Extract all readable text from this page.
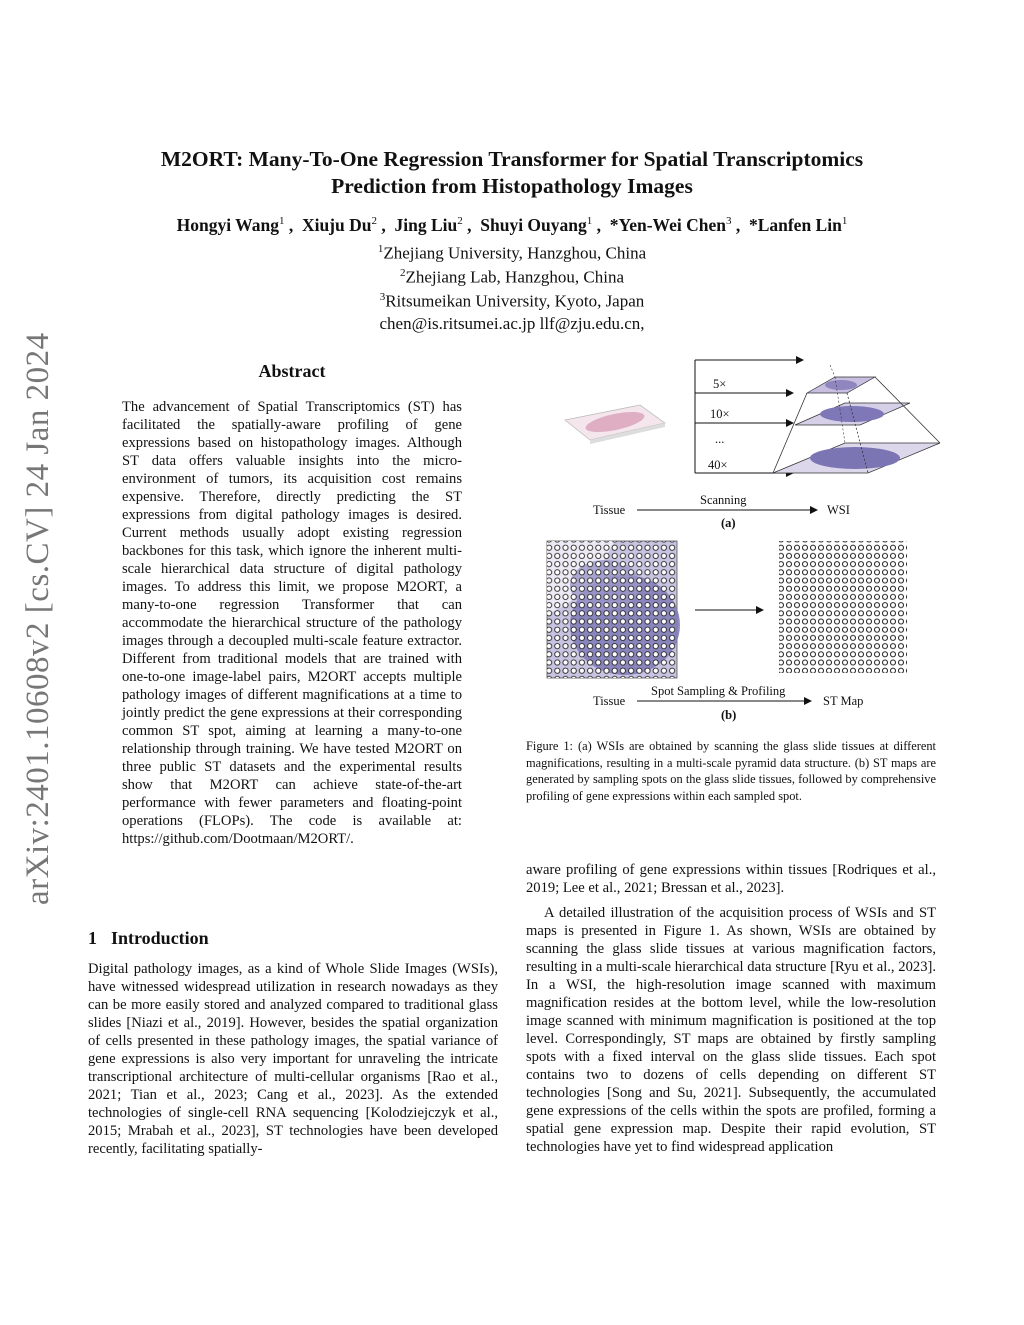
arXiv:2401.10608v2 [cs.CV] 24 Jan 2024
M2ORT: Many-To-One Regression Transformer for Spatial Transcriptomics
Prediction from Histopathology Images
Hongyi Wang$^1$ ,  Xiuju Du$^2$ ,  Jing Liu$^2$ ,  Shuyi Ouyang$^1$ ,  *Yen-Wei Chen$^3$ ,  *Lanfen Lin$^1$
$^1$Zhejiang University, Hanzghou, China
$^2$Zhejiang Lab, Hanzghou, China
$^3$Ritsumeikan University, Kyoto, Japan
chen@is.ritsumei.ac.jp llf@zju.edu.cn,
Abstract
The advancement of Spatial Transcriptomics (ST) has facilitated the spatially-aware profiling of gene expressions based on histopathology images. Although ST data offers valuable insights into the micro-environment of tumors, its acquisition cost remains expensive. Therefore, directly predicting the ST expressions from digital pathology images is desired. Current methods usually adopt existing regression backbones for this task, which ignore the inherent multi-scale hierarchical data structure of digital pathology images. To address this limit, we propose M2ORT, a many-to-one regression Transformer that can accommodate the hierarchical structure of the pathology images through a decoupled multi-scale feature extractor. Different from traditional models that are trained with one-to-one image-label pairs, M2ORT accepts multiple pathology images of different magnifications at a time to jointly predict the gene expressions at their corresponding common ST spot, aiming at learning a many-to-one relationship through training. We have tested M2ORT on three public ST datasets and the experimental results show that M2ORT can achieve state-of-the-art performance with fewer parameters and floating-point operations (FLOPs). The code is available at: https://github.com/Dootmaan/M2ORT/.
1 Introduction
Digital pathology images, as a kind of Whole Slide Images (WSIs), have witnessed widespread utilization in research nowadays as they can be more easily stored and analyzed compared to traditional glass slides [Niazi et al., 2019]. However, besides the spatial organization of cells presented in these pathology images, the spatial variance of gene expressions is also very important for unraveling the intricate transcriptional architecture of multi-cellular organisms [Rao et al., 2021; Tian et al., 2023; Cang et al., 2023]. As the extended technologies of single-cell RNA sequencing [Kolodziejczyk et al., 2015; Mrabah et al., 2023], ST technologies have been developed recently, facilitating spatially-
5×
10×
...
40×
Tissue
Scanning
WSI
(a)
Tissue
Spot Sampling & Profiling
ST Map
(b)
Figure 1: (a) WSIs are obtained by scanning the glass slide tissues at different magnifications, resulting in a multi-scale pyramid data structure. (b) ST maps are generated by sampling spots on the glass slide tissues, followed by comprehensive profiling of gene expressions within each sampled spot.
aware profiling of gene expressions within tissues [Rodriques et al., 2019; Lee et al., 2021; Bressan et al., 2023].
A detailed illustration of the acquisition process of WSIs and ST maps is presented in Figure 1. As shown, WSIs are obtained by scanning the glass slide tissues at various magnification factors, resulting in a multi-scale hierarchical data structure [Ryu et al., 2023]. In a WSI, the high-resolution image scanned with maximum magnification resides at the bottom level, while the low-resolution image scanned with minimum magnification is positioned at the top level. Correspondingly, ST maps are obtained by firstly sampling spots with a fixed interval on the glass slide tissues. Each spot contains two to dozens of cells depending on different ST technologies [Song and Su, 2021]. Subsequently, the accumulated gene expressions of the cells within the spots are profiled, forming a spatial gene expression map. Despite their rapid evolution, ST technologies have yet to find widespread application
